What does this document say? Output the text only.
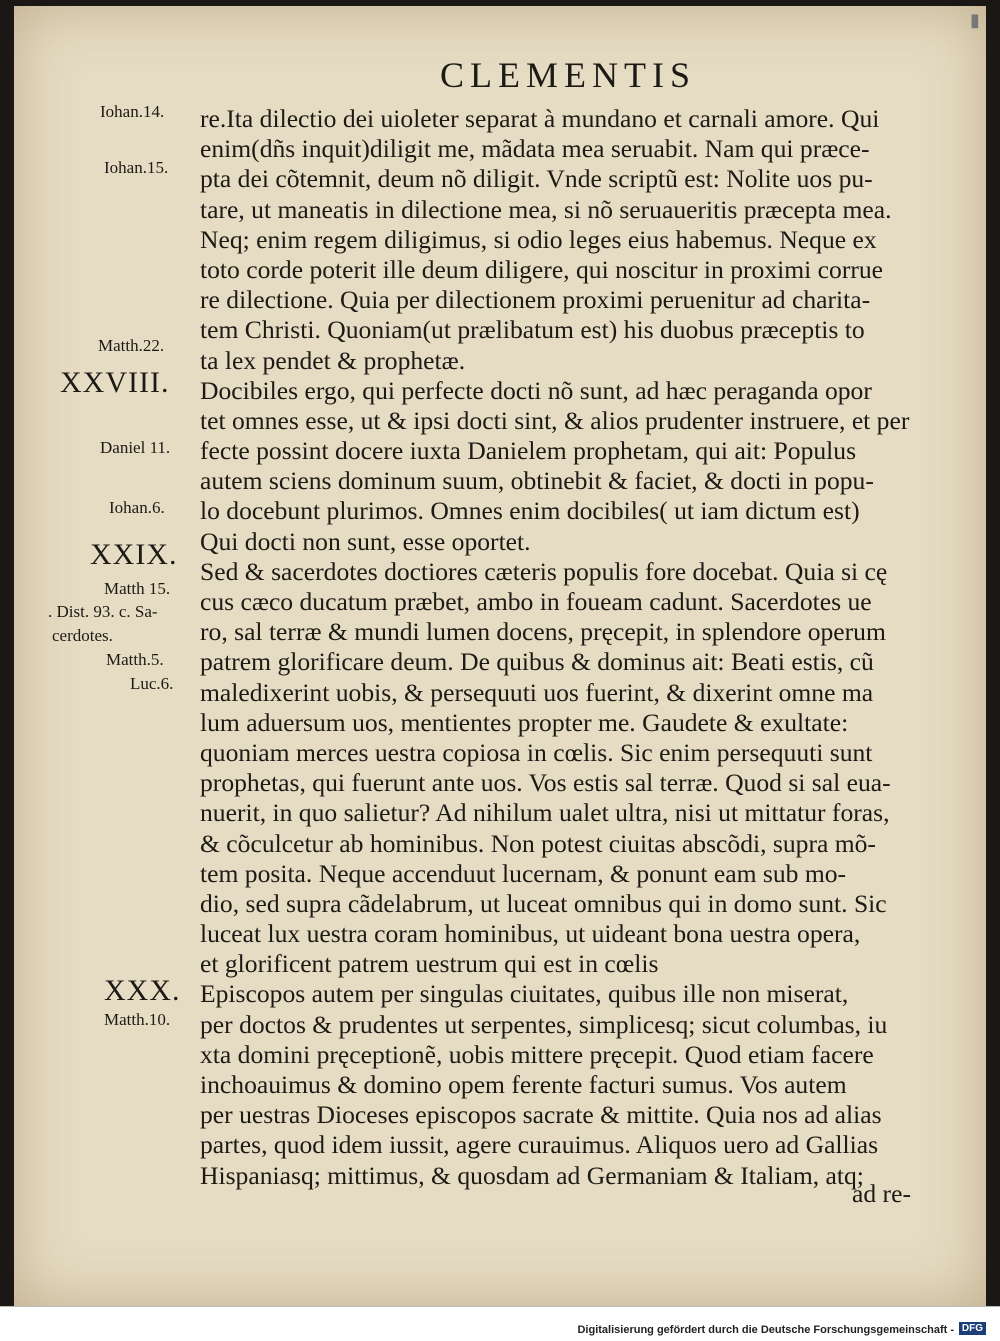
CLEMENTIS
re.Ita dilectio dei uioleter separat à mundano et carnali amore. Qui
enim(dñs inquit)diligit me, mãdata mea seruabit. Nam qui præce-
pta dei cõtemnit, deum nõ diligit. Vnde scriptũ est: Nolite uos pu-
tare, ut maneatis in dilectione mea, si nõ seruaueritis præcepta mea.
Neq; enim regem diligimus, si odio leges eius habemus. Neque ex
toto corde poterit ille deum diligere, qui noscitur in proximi corrue
re dilectione. Quia per dilectionem proximi peruenitur ad charita-
tem Christi. Quoniam(ut prælibatum est) his duobus præceptis to
ta lex pendet & prophetæ.
Docibiles ergo, qui perfecte docti nõ sunt, ad hæc peraganda opor
tet omnes esse, ut & ipsi docti sint, & alios prudenter instruere, et per
fecte possint docere iuxta Danielem prophetam, qui ait: Populus
autem sciens dominum suum, obtinebit & faciet, & docti in popu-
lo docebunt plurimos. Omnes enim docibiles( ut iam dictum est)
Qui docti non sunt, esse oportet.
Sed & sacerdotes doctiores cæteris populis fore docebat. Quia si cę
cus cæco ducatum præbet, ambo in foueam cadunt. Sacerdotes ue
ro, sal terræ & mundi lumen docens, pręcepit, in splendore operum
patrem glorificare deum. De quibus & dominus ait: Beati estis, cũ
maledixerint uobis, & persequuti uos fuerint, & dixerint omne ma
lum aduersum uos, mentientes propter me. Gaudete & exultate:
quoniam merces uestra copiosa in cœlis. Sic enim persequuti sunt
prophetas, qui fuerunt ante uos. Vos estis sal terræ. Quod si sal eua-
nuerit, in quo salietur? Ad nihilum ualet ultra, nisi ut mittatur foras,
& cõculcetur ab hominibus. Non potest ciuitas abscõdi, supra mõ-
tem posita. Neque accenduut lucernam, & ponunt eam sub mo-
dio, sed supra cãdelabrum, ut luceat omnibus qui in domo sunt. Sic
luceat lux uestra coram hominibus, ut uideant bona uestra opera,
et glorificent patrem uestrum qui est in cœlis
Episcopos autem per singulas ciuitates, quibus ille non miserat,
per doctos & prudentes ut serpentes, simplicesq; sicut columbas, iu
xta domini pręceptionẽ, uobis mittere pręcepit. Quod etiam facere
inchoauimus & domino opem ferente facturi sumus. Vos autem
per uestras Dioceses episcopos sacrate & mittite. Quia nos ad alias
partes, quod idem iussit, agere curauimus. Aliquos uero ad Gallias
Hispaniasq; mittimus, & quosdam ad Germaniam & Italiam, atq;
ad re-
Iohan.14.
Iohan.15.
Matth.22.
Daniel 11.
Iohan.6.
Matth 15.
. Dist. 93. c. Sa-
cerdotes.
Matth.5.
Luc.6.
Matth.10.
XXVIII.
XXIX.
XXX.
▮
Digitalisierung gefördert durch die Deutsche Forschungsgemeinschaft - DFG
